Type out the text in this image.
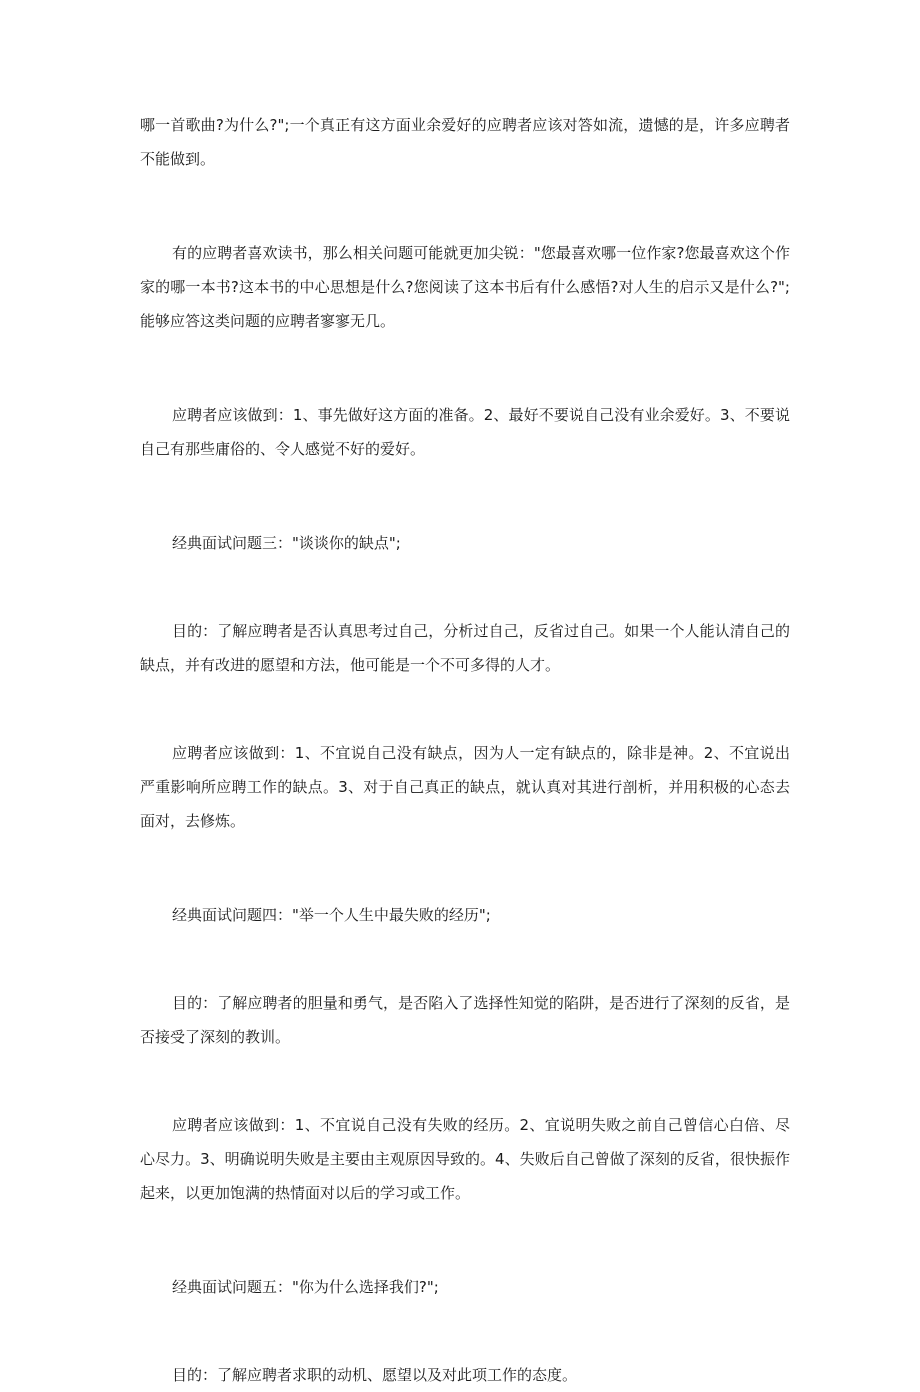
哪一首歌曲?为什么?";一个真正有这方面业余爱好的应聘者应该对答如流，遗憾的是，许多应聘者不能做到。

有的应聘者喜欢读书，那么相关问题可能就更加尖锐："您最喜欢哪一位作家?您最喜欢这个作家的哪一本书?这本书的中心思想是什么?您阅读了这本书后有什么感悟?对人生的启示又是什么?";能够应答这类问题的应聘者寥寥无几。

应聘者应该做到：1、事先做好这方面的准备。2、最好不要说自己没有业余爱好。3、不要说自己有那些庸俗的、令人感觉不好的爱好。

经典面试问题三："谈谈你的缺点";

目的：了解应聘者是否认真思考过自己，分析过自己，反省过自己。如果一个人能认清自己的缺点，并有改进的愿望和方法，他可能是一个不可多得的人才。

应聘者应该做到：1、不宜说自己没有缺点，因为人一定有缺点的，除非是神。2、不宜说出严重影响所应聘工作的缺点。3、对于自己真正的缺点，就认真对其进行剖析，并用积极的心态去面对，去修炼。

经典面试问题四："举一个人生中最失败的经历";

目的：了解应聘者的胆量和勇气，是否陷入了选择性知觉的陷阱，是否进行了深刻的反省，是否接受了深刻的教训。

应聘者应该做到：1、不宜说自己没有失败的经历。2、宜说明失败之前自己曾信心白倍、尽心尽力。3、明确说明失败是主要由主观原因导致的。4、失败后自己曾做了深刻的反省，很快振作起来，以更加饱满的热情面对以后的学习或工作。

经典面试问题五："你为什么选择我们?";

目的：了解应聘者求职的动机、愿望以及对此项工作的态度。
